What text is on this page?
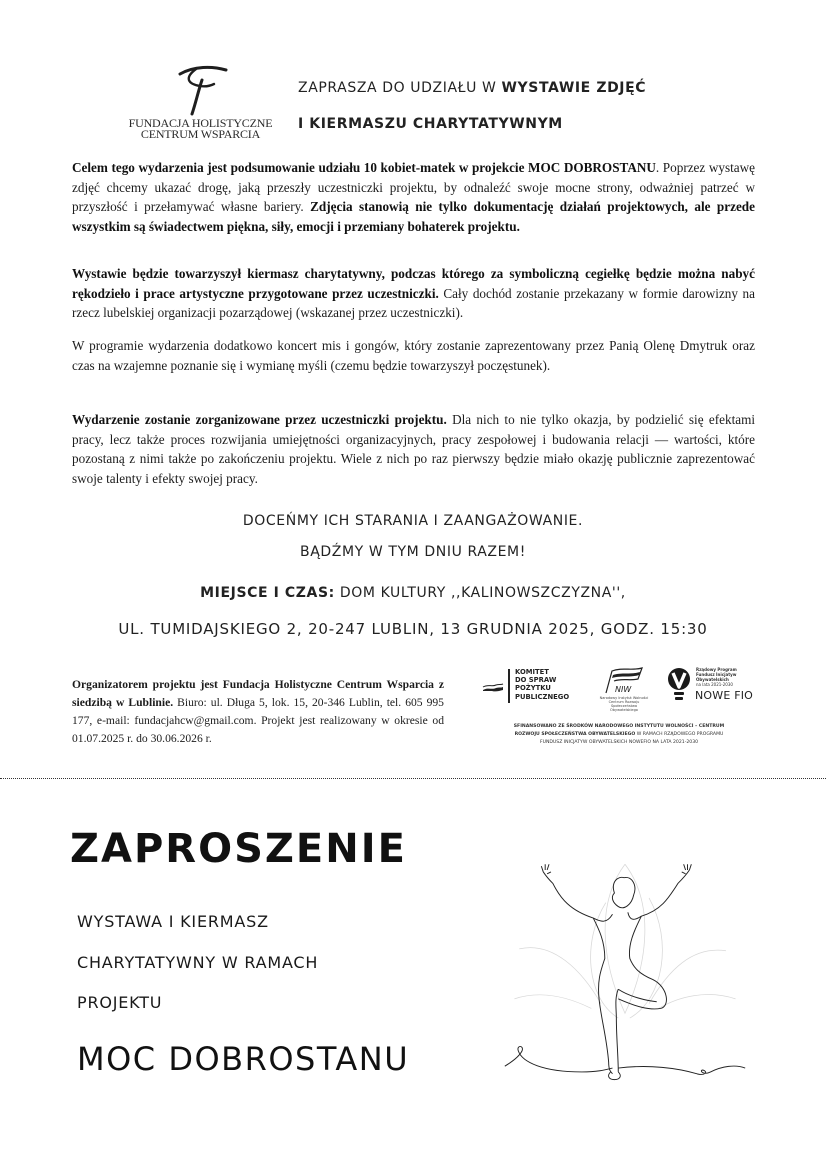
FUNDACJA HOLISTYCZNE
CENTRUM WSPARCIA
ZAPRASZA DO UDZIAŁU W WYSTAWIE ZDJĘĆ
I KIERMASZU CHARYTATYWNYM

Celem tego wydarzenia jest podsumowanie udziału 10 kobiet-matek w projekcie MOC DOBROSTANU. Poprzez wystawę zdjęć chcemy ukazać drogę, jaką przeszły uczestniczki projektu, by odnaleźć swoje mocne strony, odważniej patrzeć w przyszłość i przełamywać własne bariery. Zdjęcia stanowią nie tylko dokumentację działań projektowych, ale przede wszystkim są świadectwem piękna, siły, emocji i przemiany bohaterek projektu.

Wystawie będzie towarzyszył kiermasz charytatywny, podczas którego za symboliczną cegiełkę będzie można nabyć rękodzieło i prace artystyczne przygotowane przez uczestniczki. Cały dochód zostanie przekazany w formie darowizny na rzecz lubelskiej organizacji pozarządowej (wskazanej przez uczestniczki).

W programie wydarzenia dodatkowo koncert mis i gongów, który zostanie zaprezentowany przez Panią Olenę Dmytruk oraz czas na wzajemne poznanie się i wymianę myśli (czemu będzie towarzyszył poczęstunek).

Wydarzenie zostanie zorganizowane przez uczestniczki projektu. Dla nich to nie tylko okazja, by podzielić się efektami pracy, lecz także proces rozwijania umiejętności organizacyjnych, pracy zespołowej i budowania relacji — wartości, które pozostaną z nimi także po zakończeniu projektu. Wiele z nich po raz pierwszy będzie miało okazję publicznie zaprezentować swoje talenty i efekty swojej pracy.

DOCEŃMY ICH STARANIA I ZAANGAŻOWANIE.
BĄDŹMY W TYM DNIU RAZEM!
MIEJSCE I CZAS: DOM KULTURY ,,KALINOWSZCZYZNA'',
UL. TUMIDAJSKIEGO 2, 20-247 LUBLIN, 13 GRUDNIA 2025, GODZ. 15:30

Organizatorem projektu jest Fundacja Holistyczne Centrum Wsparcia z siedzibą w Lublinie. Biuro: ul. Długa 5, lok. 15, 20-346 Lublin, tel. 605 995 177, e-mail: fundacjahcw@gmail.com. Projekt jest realizowany w okresie od 01.07.2025 r. do 30.06.2026 r.

KOMITET
DO SPRAW
POŻYTKU
PUBLICZNEGO
NIW
Narodowy Instytut Wolności
Centrum Rozwoju Społeczeństwa Obywatelskiego
Rządowy Program
Fundusz Inicjatyw
Obywatelskich
na lata 2021-2030
NOWE FIO
SFINANSOWANO ZE ŚRODKÓW NARODOWEGO INSTYTUTU WOLNOŚCI – CENTRUM
ROZWOJU SPOŁECZEŃSTWA OBYWATELSKIEGO W RAMACH RZĄDOWEGO PROGRAMU
FUNDUSZ INICJATYW OBYWATELSKICH NOWEFIO NA LATA 2021-2030
ZAPROSZENIE
WYSTAWA I KIERMASZ
CHARYTATYWNY W RAMACH
PROJEKTU
MOC DOBROSTANU
